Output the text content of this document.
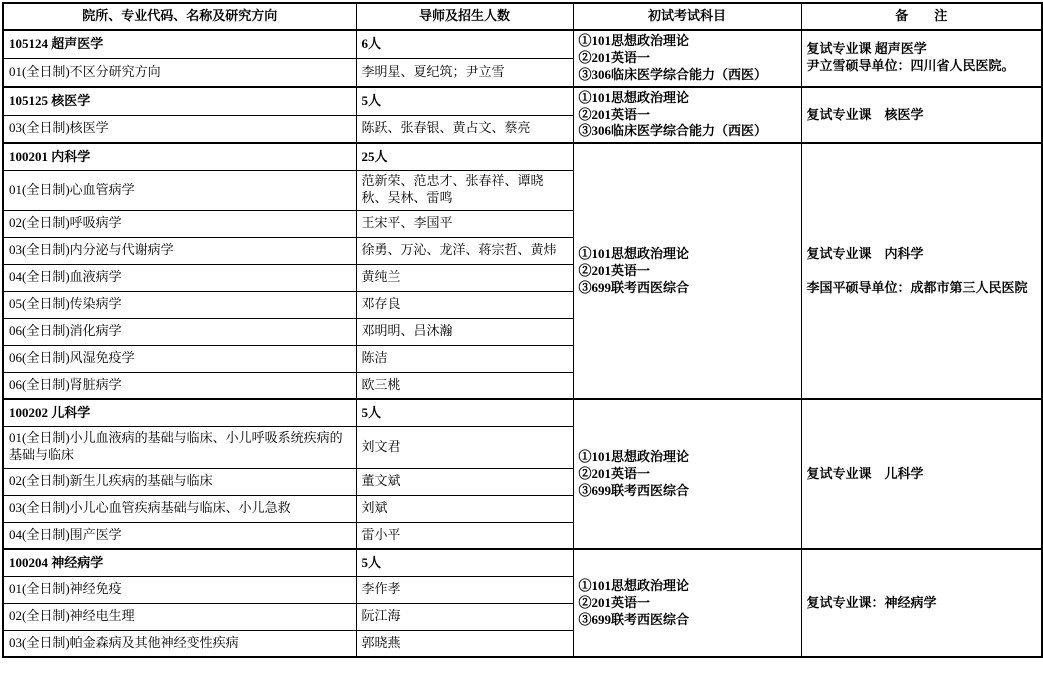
院所、专业代码、名称及研究方向	导师及招生人数	初试考试科目	备　　注
105124 超声医学	6人	①101思想政治理论
②201英语一
③306临床医学综合能力（西医）

复试专业课 超声医学
尹立雪硕导单位：四川省人民医院。

01(全日制)不区分研究方向	李明星、夏纪筑；尹立雪		
105125 核医学	5人	①101思想政治理论
②201英语一
③306临床医学综合能力（西医）	复试专业课　核医学

03(全日制)核医学	陈跃、张春银、黄占文、蔡亮		
100201 内科学	25人	
①101思想政治理论
②201英语一
③699联考西医综合

复试专业课　内科学
李国平硕导单位：成都市第三人民医院

01(全日制)心血管病学	范新荣、范忠才、张春祥、谭晓秋、吴林、雷鸣		
02(全日制)呼吸病学	王宋平、李国平		
03(全日制)内分泌与代谢病学	徐勇、万沁、龙洋、蒋宗哲、黄炜		
04(全日制)血液病学	黄纯兰		
05(全日制)传染病学	邓存良		
06(全日制)消化病学	邓明明、吕沐瀚		
06(全日制)风湿免疫学	陈洁		
06(全日制)肾脏病学	欧三桃		
100202 儿科学	5人	①101思想政治理论
②201英语一
③699联考西医综合	复试专业课　儿科学

01(全日制)小儿血液病的基础与临床、小儿呼吸系统疾病的基础与临床	刘文君		
02(全日制)新生儿疾病的基础与临床	董文斌		
03(全日制)小儿心血管疾病基础与临床、小儿急救	刘斌		
04(全日制)围产医学	雷小平		
100204 神经病学	5人	①101思想政治理论
②201英语一
③699联考西医综合	复试专业课：神经病学

01(全日制)神经免疫	李作孝		
02(全日制)神经电生理	阮江海		
03(全日制)帕金森病及其他神经变性疾病	郭晓燕		
